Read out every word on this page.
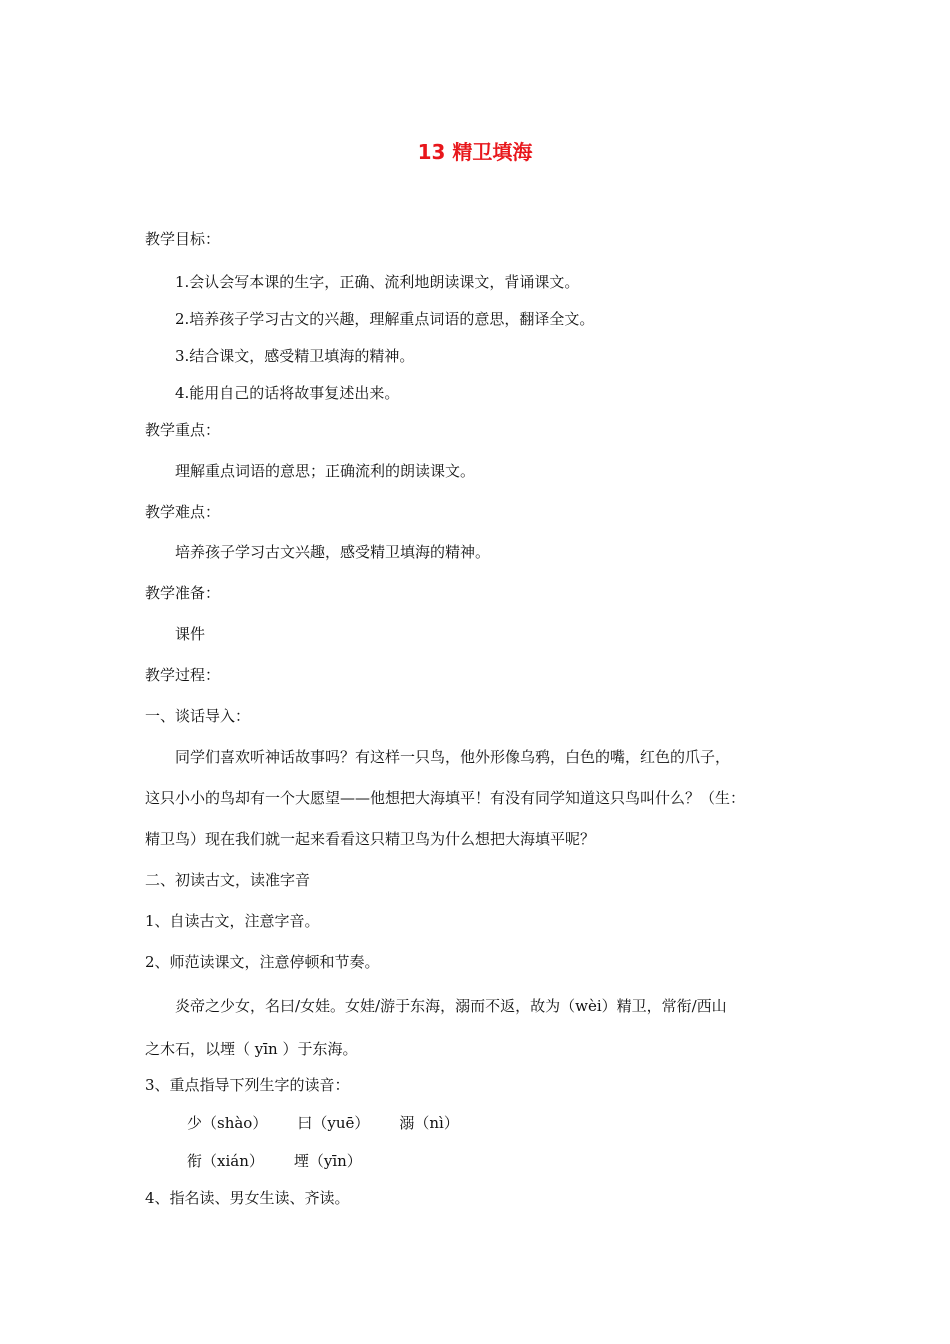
13 精卫填海
教学目标：
1.会认会写本课的生字，正确、流利地朗读课文，背诵课文。
2.培养孩子学习古文的兴趣，理解重点词语的意思，翻译全文。
3.结合课文，感受精卫填海的精神。
4.能用自己的话将故事复述出来。
教学重点：
理解重点词语的意思；正确流利的朗读课文。
教学难点：
培养孩子学习古文兴趣，感受精卫填海的精神。
教学准备：
课件
教学过程：
一、谈话导入：
同学们喜欢听神话故事吗？有这样一只鸟，他外形像乌鸦，白色的嘴，红色的爪子，
这只小小的鸟却有一个大愿望——他想把大海填平！有没有同学知道这只鸟叫什么？（生：
精卫鸟）现在我们就一起来看看这只精卫鸟为什么想把大海填平呢？
二、初读古文，读准字音
1、自读古文，注意字音。
2、师范读课文，注意停顿和节奏。
炎帝之少女，名曰/女娃。女娃/游于东海，溺而不返，故为（wèi）精卫，常衔/西山
之木石，以堙（ yīn ）于东海。
3、重点指导下列生字的读音：
少（shào） 曰（yuē） 溺（nì）
衔（xián） 堙（yīn）
4、指名读、男女生读、齐读。
